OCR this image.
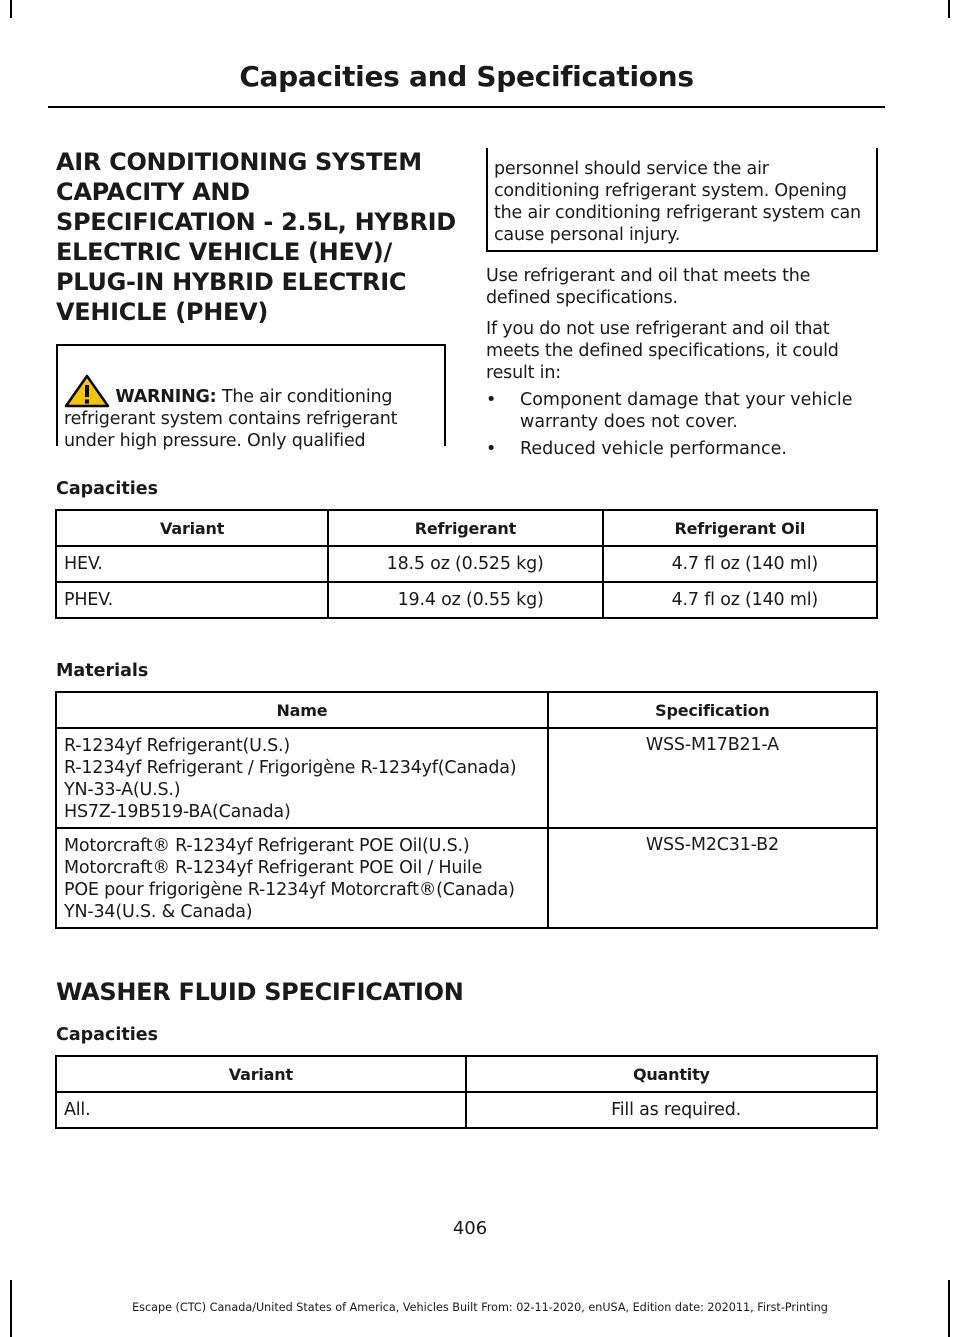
Capacities and Specifications
AIR CONDITIONING SYSTEM
CAPACITY AND
SPECIFICATION - 2.5L, HYBRID
ELECTRIC VEHICLE (HEV)/
PLUG-IN HYBRID ELECTRIC
VEHICLE (PHEV)
WARNING: The air conditioning refrigerant system contains refrigerant under high pressure. Only qualified
personnel should service the air conditioning refrigerant system. Opening the air conditioning refrigerant system can cause personal injury.
Use refrigerant and oil that meets the defined specifications.
If you do not use refrigerant and oil that meets the defined specifications, it could result in:
• Component damage that your vehicle warranty does not cover.
• Reduced vehicle performance.
Capacities
Variant	Refrigerant	Refrigerant Oil
HEV.	18.5 oz (0.525 kg)	4.7 fl oz (140 ml)
PHEV.	19.4 oz (0.55 kg)	4.7 fl oz (140 ml)
Materials
Name	Specification

R-1234yf Refrigerant(U.S.)
R-1234yf Refrigerant / Frigorigène R-1234yf(Canada)
YN-33-A(U.S.)
HS7Z-19B519-BA(Canada)	WSS-M17B21-A

Motorcraft® R-1234yf Refrigerant POE Oil(U.S.)
Motorcraft® R-1234yf Refrigerant POE Oil / Huile
POE pour frigorigène R-1234yf Motorcraft®(Canada)
YN-34(U.S. & Canada)	WSS-M2C31-B2
WASHER FLUID SPECIFICATION
Capacities
Variant	Quantity
All.	Fill as required.
406
Escape (CTC) Canada/United States of America, Vehicles Built From: 02-11-2020, enUSA, Edition date: 202011, First-Printing
